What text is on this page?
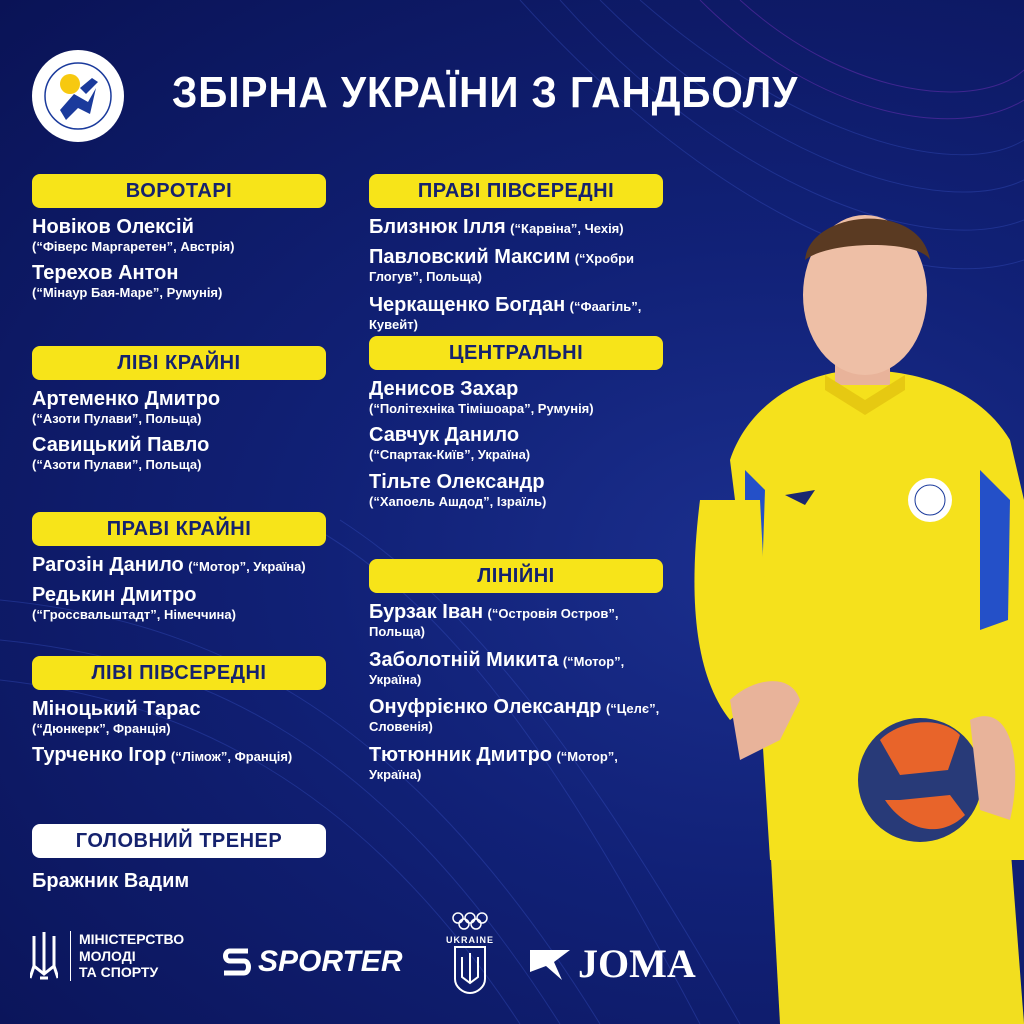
ЗБІРНА УКРАЇНИ З ГАНДБОЛУ
ВОРОТАРІ
Новіков Олексій
(“Фіверс Маргаретен”, Австрія)
Терехов Антон
(“Мінаур Бая-Маре”, Румунія)
ЛІВІ КРАЙНІ
Артеменко Дмитро
(“Азоти Пулави”, Польща)
Савицький Павло
(“Азоти Пулави”, Польща)
ПРАВІ КРАЙНІ
Рагозін Данило (“Мотор”, Україна)
Редькин Дмитро (“Гроссвальштадт”, Німеччина)
ЛІВІ ПІВСЕРЕДНІ
Міноцький Тарас
(“Дюнкерк”, Франція)
Турченко Ігор (“Лімож”, Франція)
ПРАВІ ПІВСЕРЕДНІ
Близнюк Ілля (“Карвіна”, Чехія)
Павловский Максим (“Хробри Глогув”, Польща)
Черкащенко Богдан (“Фаагіль”, Кувейт)
ЦЕНТРАЛЬНІ
Денисов Захар
(“Політехніка Тімішоара”, Румунія)
Савчук Данило
(“Спартак-Київ”, Україна)
Тільте Олександр
(“Хапоель Ашдод”, Ізраїль)
ЛІНІЙНІ
Бурзак Іван (“Островія Остров”, Польща)
Заболотній Микита (“Мотор”, Україна)
Онуфрієнко Олександр (“Целє”, Словенія)
Тютюнник Дмитро (“Мотор”, Україна)
ГОЛОВНИЙ ТРЕНЕР
Бражник Вадим
МІНІСТЕРСТВО
МОЛОДІ
ТА СПОРТУ	SPORTER
UKRAINE
JOMA
